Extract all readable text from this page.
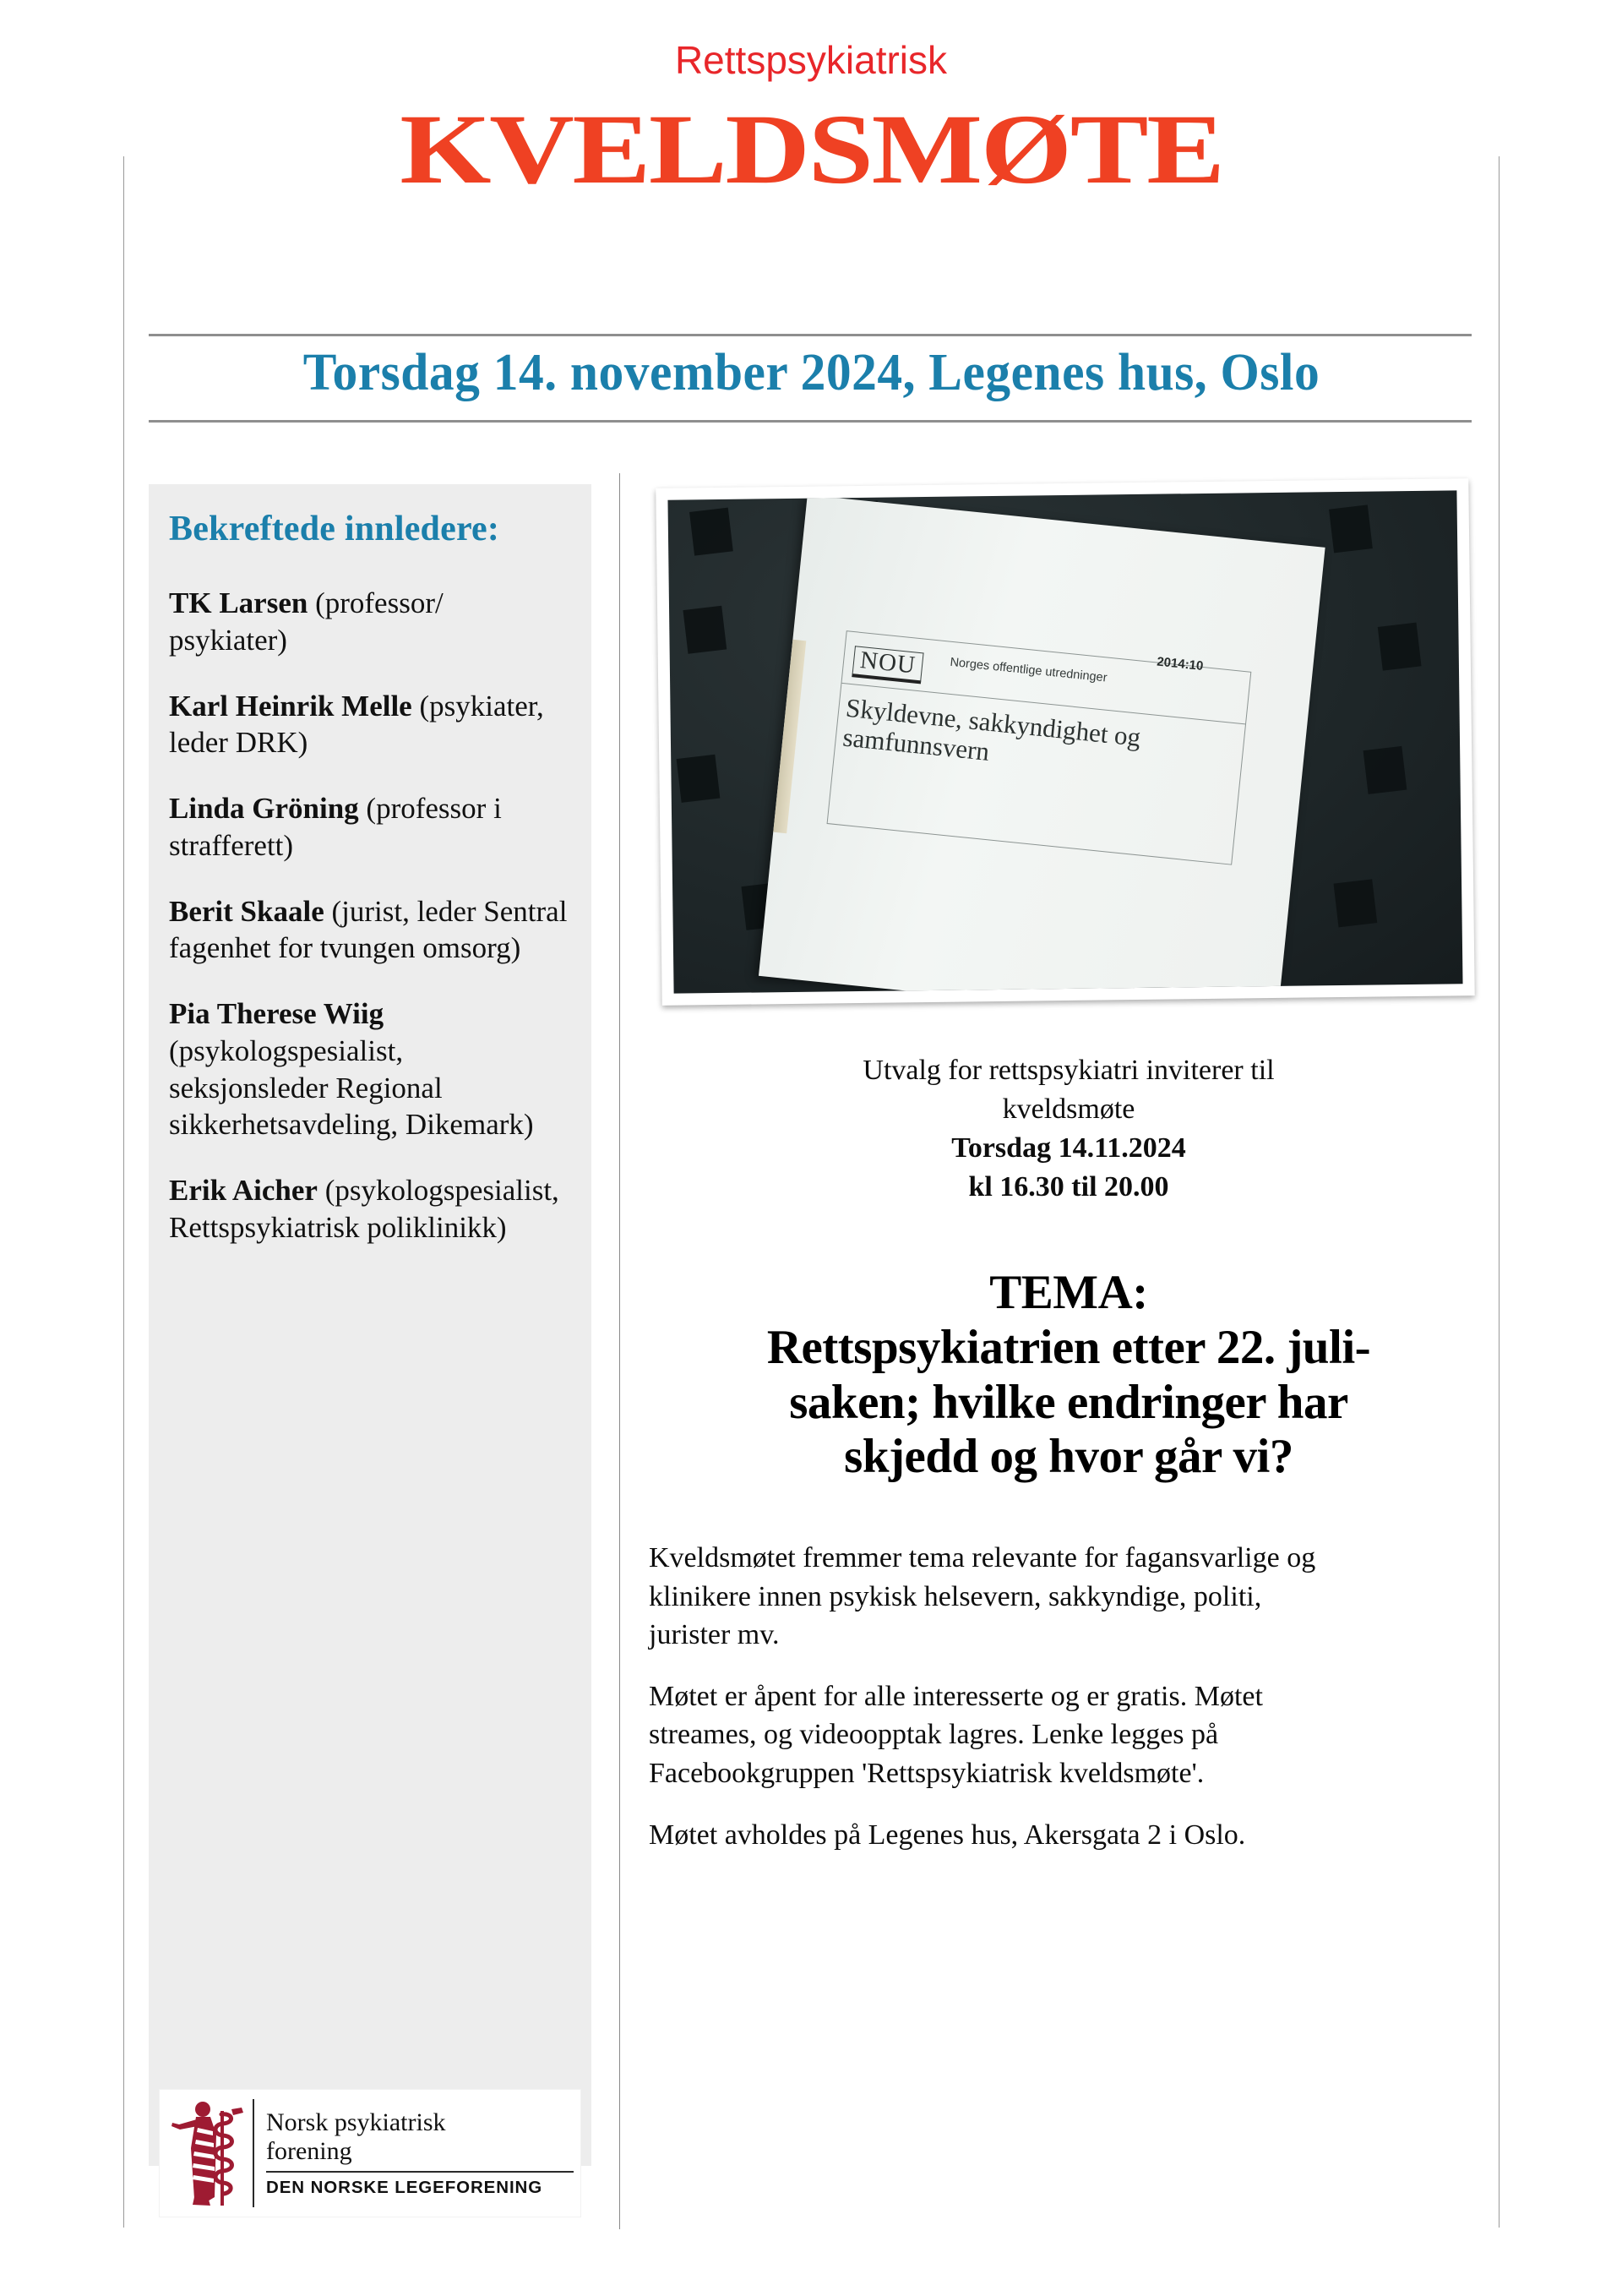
Rettspsykiatrisk
KVELDSMØTE
Torsdag 14. november 2024, Legenes hus, Oslo
Bekreftede innledere:
TK Larsen (professor/ psykiater)
Karl Heinrik Melle (psykiater, leder DRK)
Linda Gröning (professor i strafferett)
Berit Skaale (jurist, leder Sentral fagenhet for tvungen omsorg)
Pia Therese Wiig (psykologspesialist, seksjonsleder Regional sikkerhetsavdeling, Dikemark)
Erik Aicher (psykologspesialist, Rettspsykiatrisk poliklinikk)
Norsk psykiatrisk
forening
DEN NORSKE LEGEFORENING
NOU	Norges offentlige utredninger	2014:10
Skyldevne, sakkyndighet og samfunnsvern
Utvalg for rettspsykiatri inviterer til
kveldsmøte
Torsdag 14.11.2024
kl 16.30 til 20.00
TEMA:
Rettspsykiatrien etter 22. juli-
saken; hvilke endringer har
skjedd og hvor går vi?

Kveldsmøtet fremmer tema relevante for fagansvarlige og klinikere innen psykisk helsevern, sakkyndige, politi, jurister mv.

Møtet er åpent for alle interesserte og er gratis. Møtet streames, og videoopptak lagres. Lenke legges på Facebookgruppen 'Rettspsykiatrisk kveldsmøte'.

Møtet avholdes på Legenes hus, Akersgata 2 i Oslo.
